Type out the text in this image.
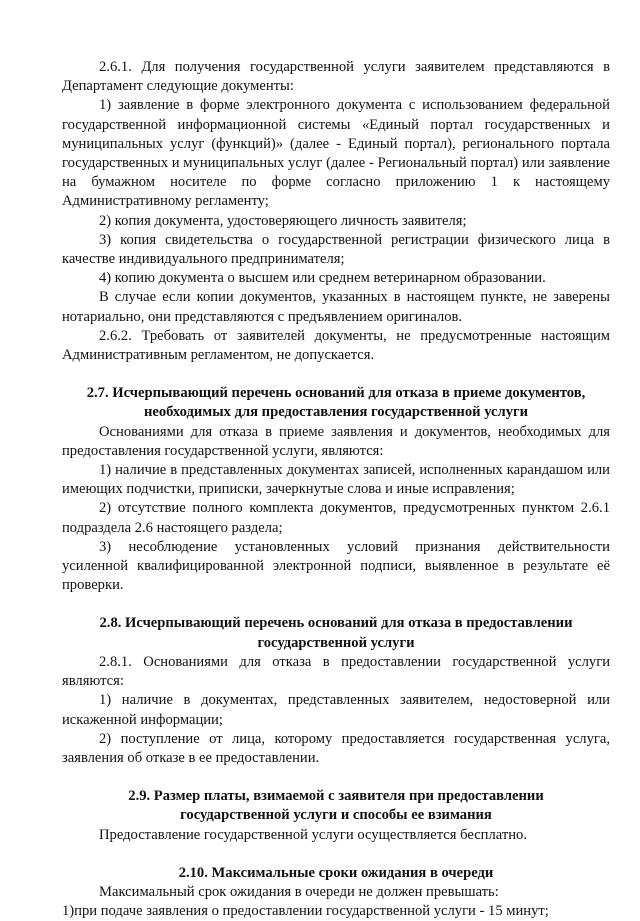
2.6.1. Для получения государственной услуги заявителем представляются в Департамент следующие документы:

1) заявление в форме электронного документа с использованием федеральной государственной информационной системы «Единый портал государственных и муниципальных услуг (функций)» (далее - Единый портал), регионального портала государственных и муниципальных услуг (далее - Региональный портал) или заявление на бумажном носителе по форме согласно приложению 1 к настоящему Административному регламенту;

2) копия документа, удостоверяющего личность заявителя;

3) копия свидетельства о государственной регистрации физического лица в качестве индивидуального предпринимателя;

4) копию документа о высшем или среднем ветеринарном образовании.

В случае если копии документов, указанных в настоящем пункте, не заверены нотариально, они представляются с предъявлением оригиналов.

2.6.2. Требовать от заявителей документы, не предусмотренные настоящим Административным регламентом, не допускается.

2.7. Исчерпывающий перечень оснований для отказа в приеме документов, необходимых для предоставления государственной услуги

Основаниями для отказа в приеме заявления и документов, необходимых для предоставления государственной услуги, являются:

1) наличие в представленных документах записей, исполненных карандашом или имеющих подчистки, приписки, зачеркнутые слова и иные исправления;

2) отсутствие полного комплекта документов, предусмотренных пунктом 2.6.1 подраздела 2.6 настоящего раздела;

3) несоблюдение установленных условий признания действительности усиленной квалифицированной электронной подписи, выявленное в результате её проверки.

2.8. Исчерпывающий перечень оснований для отказа в предоставлении государственной услуги

2.8.1. Основаниями для отказа в предоставлении государственной услуги являются:

1) наличие в документах, представленных заявителем, недостоверной или искаженной информации;

2) поступление от лица, которому предоставляется государственная услуга, заявления об отказе в ее предоставлении.

2.9. Размер платы, взимаемой с заявителя при предоставлении государственной услуги и способы ее взимания

Предоставление государственной услуги осуществляется бесплатно.

2.10. Максимальные сроки ожидания в очереди

Максимальный срок ожидания в очереди не должен превышать:

1)при подаче заявления о предоставлении государственной услуги - 15 минут;
